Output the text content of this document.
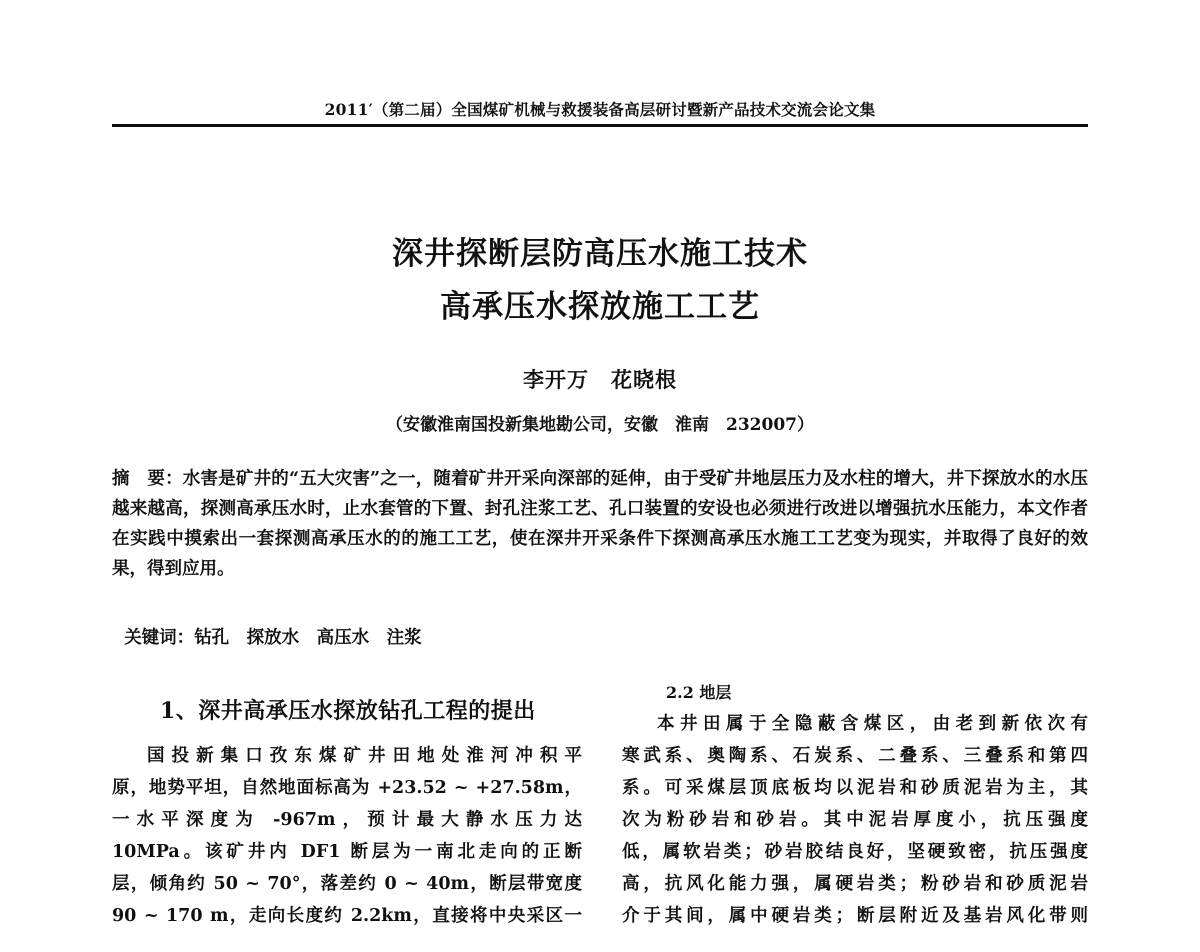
2011′（第二届）全国煤矿机械与救援装备高层研讨暨新产品技术交流会论文集
深井探断层防高压水施工技术
高承压水探放施工工艺
李开万　花晓根
（安徽淮南国投新集地勘公司，安徽　淮南　232007）
摘　要：水害是矿井的“五大灾害”之一，随着矿井开采向深部的延伸，由于受矿井地层压力及水柱的增大，井下探放水的水压越来越高，探测高承压水时，止水套管的下置、封孔注浆工艺、孔口装置的安设也必须进行改进以增强抗水压能力，本文作者在实践中摸索出一套探测高承压水的的施工工艺，使在深井开采条件下探测高承压水施工工艺变为现实，并取得了良好的效果，得到应用。

关键词：钻孔　探放水　高压水　注浆

1、深井高承压水探放钻孔工程的提出
国投新集口孜东煤矿井田地处淮河冲积平
原，地势平坦，自然地面标高为 +23.52 ~ +27.58m，
一水平深度为 -967m，预计最大静水压力达
10MPa。该矿井内 DF1 断层为一南北走向的正断
层，倾角约 50 ~ 70°，落差约 0 ~ 40m，断层带宽度
90 ~ 170 m，走向长度约 2.2km，直接将中央采区一
2.2 地层
本井田属于全隐蔽含煤区，由老到新依次有
寒武系、奥陶系、石炭系、二叠系、三叠系和第四
系。可采煤层顶底板均以泥岩和砂质泥岩为主，其
次为粉砂岩和砂岩。其中泥岩厚度小，抗压强度
低，属软岩类；砂岩胶结良好，坚硬致密，抗压强度
高，抗风化能力强，属硬岩类；粉砂岩和砂质泥岩
介于其间，属中硬岩类；断层附近及基岩风化带则
